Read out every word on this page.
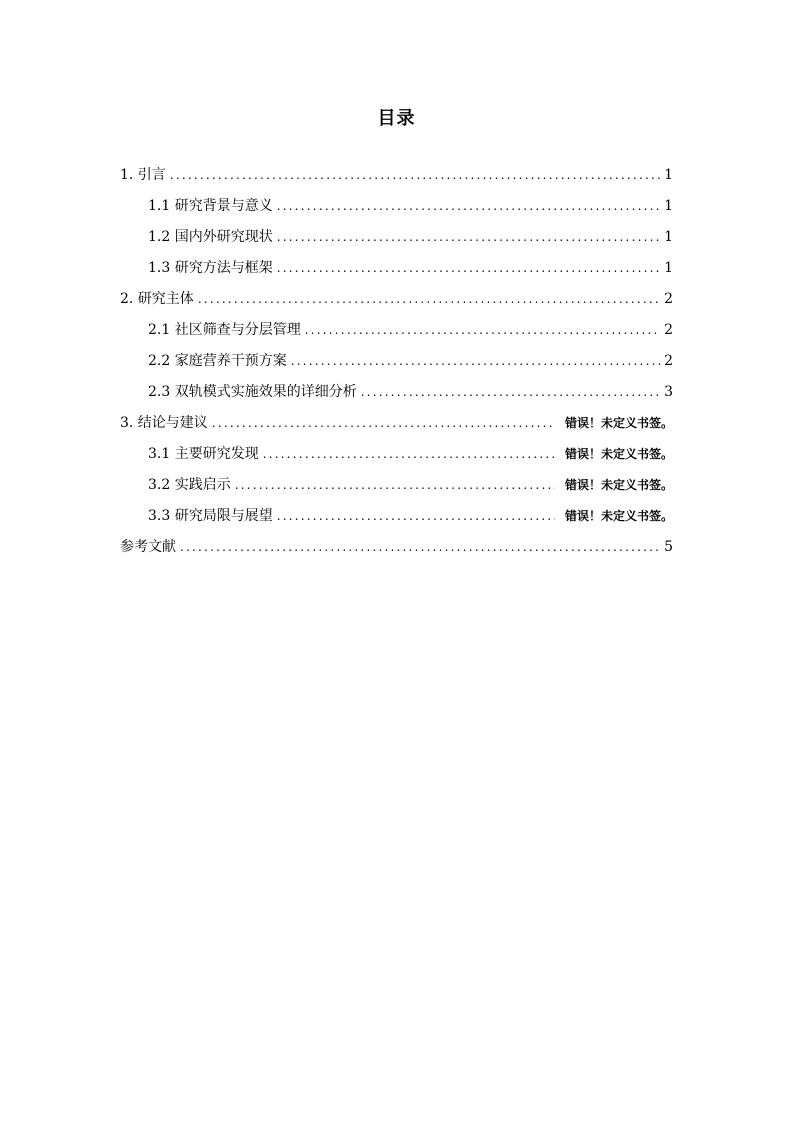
目录
1. 引言 .....	1
1.1 研究背景与意义 .....	1
1.2 国内外研究现状 .....	1
1.3 研究方法与框架 .....	1
2. 研究主体 .....	2
2.1 社区筛查与分层管理 .....	2
2.2 家庭营养干预方案 .....	2
2.3 双轨模式实施效果的详细分析 .....	3
3. 结论与建议 .....	错误！未定义书签。
3.1 主要研究发现 .....	错误！未定义书签。
3.2 实践启示 .....	错误！未定义书签。
3.3 研究局限与展望 .....	错误！未定义书签。
参考文献 .....	5
